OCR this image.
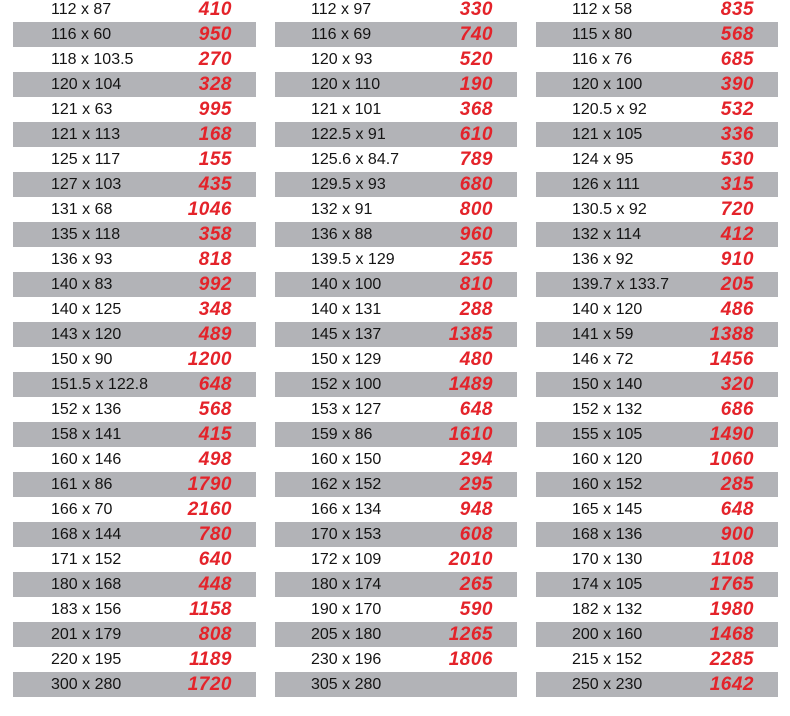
112 x 87	410
116 x 60	950
118 x 103.5	270
120 x 104	328
121 x 63	995
121 x 113	168
125 x 117	155
127 x 103	435
131 x 68	1046
135 x 118	358
136 x 93	818
140 x 83	992
140 x 125	348
143 x 120	489
150 x 90	1200
151.5 x 122.8	648
152 x 136	568
158 x 141	415
160 x 146	498
161 x 86	1790
166 x 70	2160
168 x 144	780
171 x 152	640
180 x 168	448
183 x 156	1158
201 x 179	808
220 x 195	1189
300 x 280	1720
112 x 97	330
116 x 69	740
120 x 93	520
120 x 110	190
121 x 101	368
122.5 x 91	610
125.6 x 84.7	789
129.5 x 93	680
132 x 91	800
136 x 88	960
139.5 x 129	255
140 x 100	810
140 x 131	288
145 x 137	1385
150 x 129	480
152 x 100	1489
153 x 127	648
159 x 86	1610
160 x 150	294
162 x 152	295
166 x 134	948
170 x 153	608
172 x 109	2010
180 x 174	265
190 x 170	590
205 x 180	1265
230 x 196	1806
305 x 280
112 x 58	835
115 x 80	568
116 x 76	685
120 x 100	390
120.5 x 92	532
121 x 105	336
124 x 95	530
126 x 111	315
130.5 x 92	720
132 x 114	412
136 x 92	910
139.7 x 133.7	205
140 x 120	486
141 x 59	1388
146 x 72	1456
150 x 140	320
152 x 132	686
155 x 105	1490
160 x 120	1060
160 x 152	285
165 x 145	648
168 x 136	900
170 x 130	1108
174 x 105	1765
182 x 132	1980
200 x 160	1468
215 x 152	2285
250 x 230	1642
